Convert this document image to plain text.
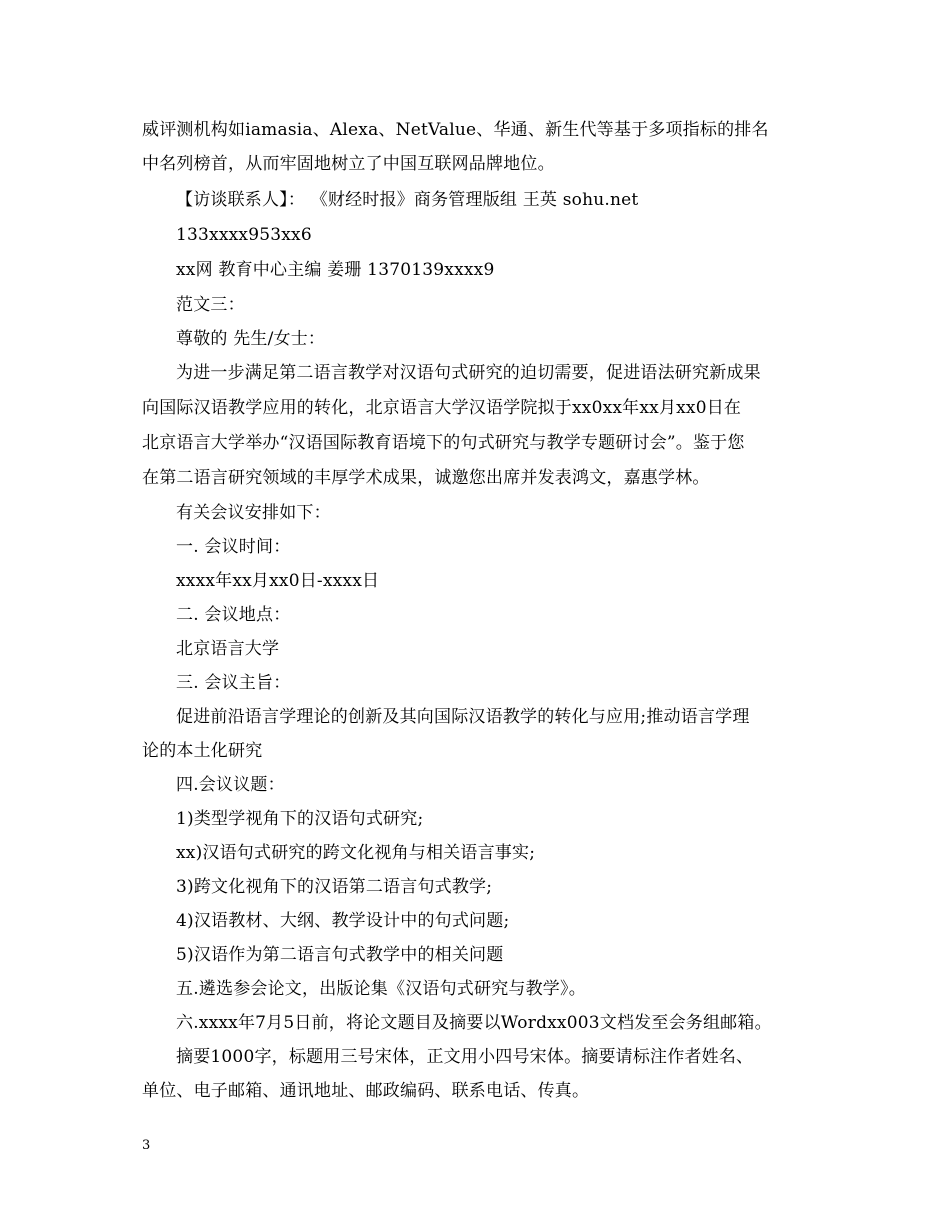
威评测机构如iamasia、Alexa、NetValue、华通、新生代等基于多项指标的排名
中名列榜首，从而牢固地树立了中国互联网品牌地位。
【访谈联系人】： 《财经时报》商务管理版组 王英 sohu.net
133xxxx953xx6
xx网 教育中心主编 姜珊 1370139xxxx9
范文三：
尊敬的 先生/女士：
为进一步满足第二语言教学对汉语句式研究的迫切需要，促进语法研究新成果
向国际汉语教学应用的转化，北京语言大学汉语学院拟于xx0xx年xx月xx0日在
北京语言大学举办“汉语国际教育语境下的句式研究与教学专题研讨会”。鉴于您
在第二语言研究领域的丰厚学术成果，诚邀您出席并发表鸿文，嘉惠学林。
有关会议安排如下：
一. 会议时间：
xxxx年xx月xx0日-xxxx日
二. 会议地点：
北京语言大学
三. 会议主旨：
促进前沿语言学理论的创新及其向国际汉语教学的转化与应用;推动语言学理
论的本土化研究
四.会议议题：
1)类型学视角下的汉语句式研究;
xx)汉语句式研究的跨文化视角与相关语言事实;
3)跨文化视角下的汉语第二语言句式教学;
4)汉语教材、大纲、教学设计中的句式问题;
5)汉语作为第二语言句式教学中的相关问题
五.遴选参会论文，出版论集《汉语句式研究与教学》。
六.xxxx年7月5日前，将论文题目及摘要以Wordxx003文档发至会务组邮箱。
摘要1000字，标题用三号宋体，正文用小四号宋体。摘要请标注作者姓名、
单位、电子邮箱、通讯地址、邮政编码、联系电话、传真。
3
